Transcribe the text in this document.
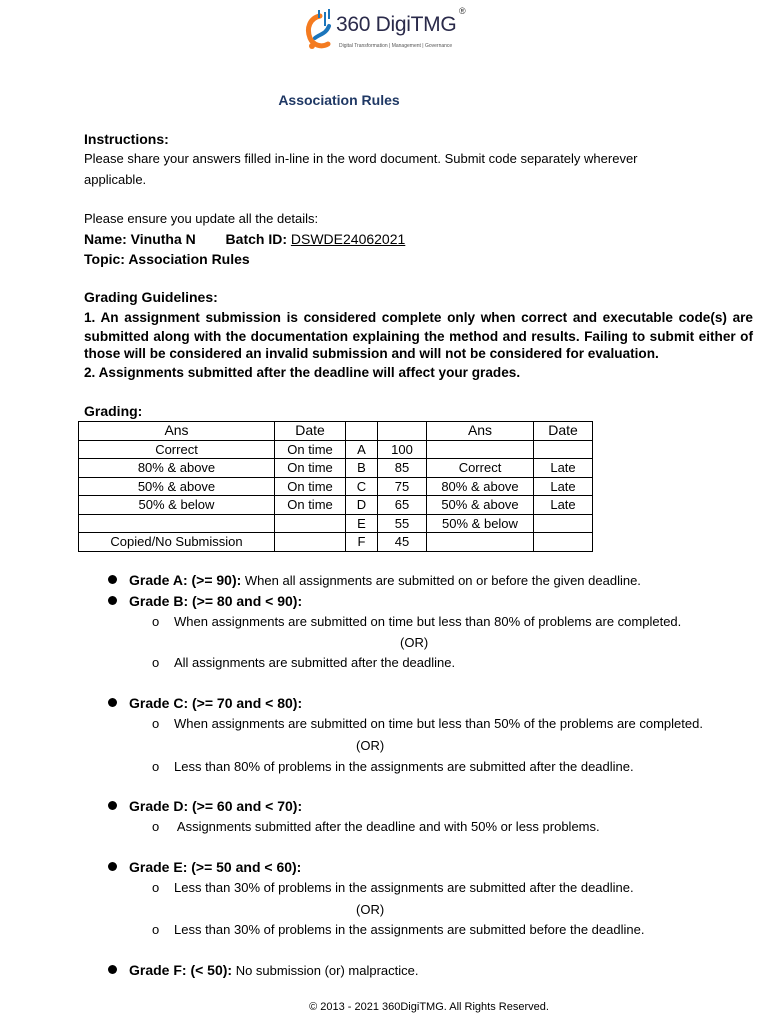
360 DigiTMG
®
Digital Transformation | Management | Governance
Association Rules
Instructions:
Please share your answers filled in-line in the word document. Submit code separately wherever
applicable.
Please ensure you update all the details:
Name: Vinutha N Batch ID: DSWDE24062021
Topic: Association Rules
Grading Guidelines:
1. An assignment submission is considered complete only when correct and executable code(s) are
submitted along with the documentation explaining the method and results. Failing to submit either of
those will be considered an invalid submission and will not be considered for evaluation.
2. Assignments submitted after the deadline will affect your grades.
Grading:
Ans	Date			Ans	Date
Correct	On time	A	100		
80% & above	On time	B	85	Correct	Late
50% & above	On time	C	75	80% & above	Late
50% & below	On time	D	65	50% & above	Late
		E	55	50% & below	
Copied/No Submission		F	45		
Grade A: (>= 90): When all assignments are submitted on or before the given deadline.
Grade B: (>= 80 and < 90):
o When assignments are submitted on time but less than 80% of problems are completed.
(OR)
o All assignments are submitted after the deadline.
Grade C: (>= 70 and < 80):
o When assignments are submitted on time but less than 50% of the problems are completed.
(OR)
o Less than 80% of problems in the assignments are submitted after the deadline.
Grade D: (>= 60 and < 70):
o Assignments submitted after the deadline and with 50% or less problems.
Grade E: (>= 50 and < 60):
o Less than 30% of problems in the assignments are submitted after the deadline.
(OR)
o Less than 30% of problems in the assignments are submitted before the deadline.
Grade F: (< 50): No submission (or) malpractice.
© 2013 - 2021 360DigiTMG. All Rights Reserved.
